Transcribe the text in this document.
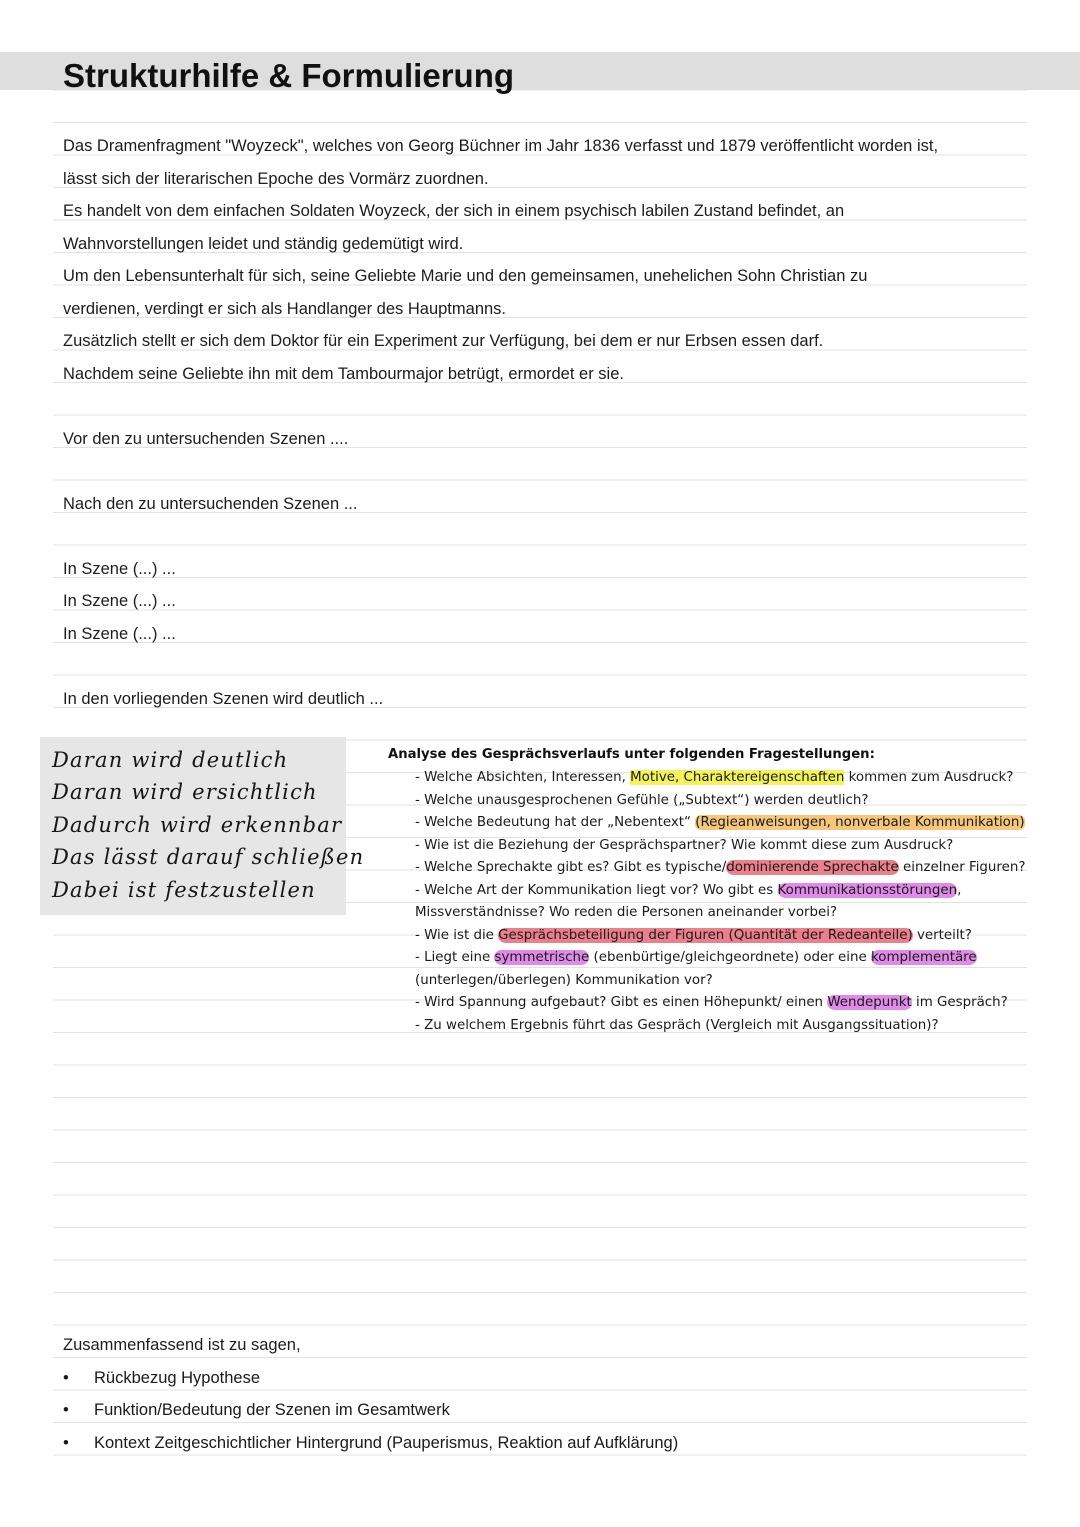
Strukturhilfe & Formulierung
Das Dramenfragment "Woyzeck", welches von Georg Büchner im Jahr 1836 verfasst und 1879 veröffentlicht worden ist,
lässt sich der literarischen Epoche des Vormärz zuordnen.
Es handelt von dem einfachen Soldaten Woyzeck, der sich in einem psychisch labilen Zustand befindet, an
Wahnvorstellungen leidet und ständig gedemütigt wird.
Um den Lebensunterhalt für sich, seine Geliebte Marie und den gemeinsamen, unehelichen Sohn Christian zu
verdienen, verdingt er sich als Handlanger des Hauptmanns.
Zusätzlich stellt er sich dem Doktor für ein Experiment zur Verfügung, bei dem er nur Erbsen essen darf.
Nachdem seine Geliebte ihn mit dem Tambourmajor betrügt, ermordet er sie.
Vor den zu untersuchenden Szenen ....
Nach den zu untersuchenden Szenen ...
In Szene (...) ...
In Szene (...) ...
In Szene (...) ...
In den vorliegenden Szenen wird deutlich ...
Daran wird deutlich
Daran wird ersichtlich
Dadurch wird erkennbar
Das lässt darauf schließen
Dabei ist festzustellen
Analyse des Gesprächsverlaufs unter folgenden Fragestellungen:
- Welche Absichten, Interessen, Motive, Charaktereigenschaften kommen zum Ausdruck?
- Welche unausgesprochenen Gefühle („Subtext“) werden deutlich?
- Welche Bedeutung hat der „Nebentext“ (Regieanweisungen, nonverbale Kommunikation)
- Wie ist die Beziehung der Gesprächspartner? Wie kommt diese zum Ausdruck?
- Welche Sprechakte gibt es? Gibt es typische/dominierende Sprechakte einzelner Figuren?
- Welche Art der Kommunikation liegt vor? Wo gibt es Kommunikationsstörungen,
Missverständnisse? Wo reden die Personen aneinander vorbei?
- Wie ist die Gesprächsbeteiligung der Figuren (Quantität der Redeanteile) verteilt?
- Liegt eine symmetrische (ebenbürtige/gleichgeordnete) oder eine komplementäre
(unterlegen/überlegen) Kommunikation vor?
- Wird Spannung aufgebaut? Gibt es einen Höhepunkt/ einen Wendepunkt im Gespräch?
- Zu welchem Ergebnis führt das Gespräch (Vergleich mit Ausgangssituation)?
Zusammenfassend ist zu sagen,
•	Rückbezug Hypothese
•	Funktion/Bedeutung der Szenen im Gesamtwerk
•	Kontext Zeitgeschichtlicher Hintergrund (Pauperismus, Reaktion auf Aufklärung)
